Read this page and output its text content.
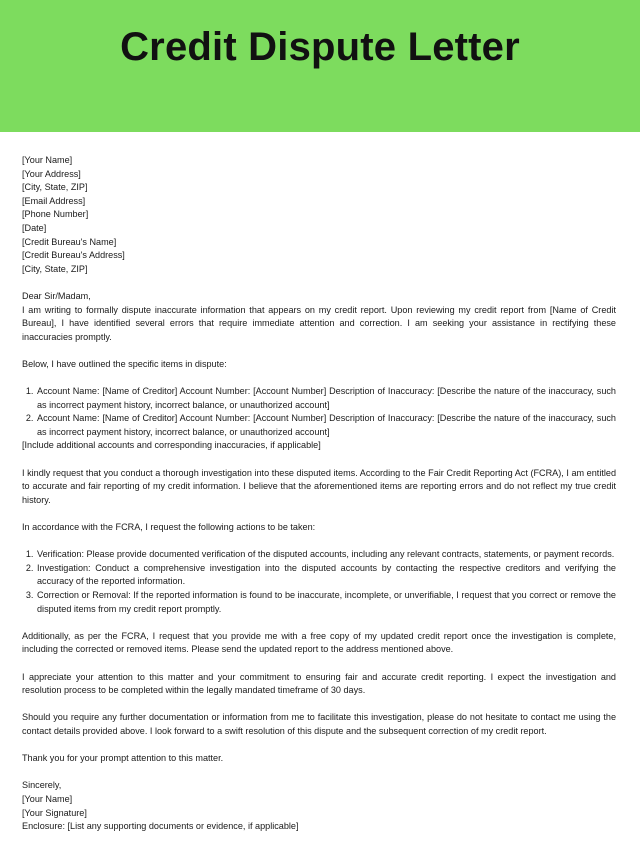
Credit Dispute Letter

[Your Name]

[Your Address]

[City, State, ZIP]

[Email Address]

[Phone Number]

[Date]

[Credit Bureau's Name]

[Credit Bureau's Address]

[City, State, ZIP]

Dear Sir/Madam,

I am writing to formally dispute inaccurate information that appears on my credit report. Upon reviewing my credit report from [Name of Credit Bureau], I have identified several errors that require immediate attention and correction. I am seeking your assistance in rectifying these inaccuracies promptly.

Below, I have outlined the specific items in dispute:

1. Account Name: [Name of Creditor] Account Number: [Account Number] Description of Inaccuracy: [Describe the nature of the inaccuracy, such as incorrect payment history, incorrect balance, or unauthorized account]
2. Account Name: [Name of Creditor] Account Number: [Account Number] Description of Inaccuracy: [Describe the nature of the inaccuracy, such as incorrect payment history, incorrect balance, or unauthorized account]

[Include additional accounts and corresponding inaccuracies, if applicable]

I kindly request that you conduct a thorough investigation into these disputed items. According to the Fair Credit Reporting Act (FCRA), I am entitled to accurate and fair reporting of my credit information. I believe that the aforementioned items are reporting errors and do not reflect my true credit history.

In accordance with the FCRA, I request the following actions to be taken:

1. Verification: Please provide documented verification of the disputed accounts, including any relevant contracts, statements, or payment records.
2. Investigation: Conduct a comprehensive investigation into the disputed accounts by contacting the respective creditors and verifying the accuracy of the reported information.
3. Correction or Removal: If the reported information is found to be inaccurate, incomplete, or unverifiable, I request that you correct or remove the disputed items from my credit report promptly.

Additionally, as per the FCRA, I request that you provide me with a free copy of my updated credit report once the investigation is complete, including the corrected or removed items. Please send the updated report to the address mentioned above.

I appreciate your attention to this matter and your commitment to ensuring fair and accurate credit reporting. I expect the investigation and resolution process to be completed within the legally mandated timeframe of 30 days.

Should you require any further documentation or information from me to facilitate this investigation, please do not hesitate to contact me using the contact details provided above. I look forward to a swift resolution of this dispute and the subsequent correction of my credit report.

Thank you for your prompt attention to this matter.

Sincerely,

[Your Name]

[Your Signature]

Enclosure: [List any supporting documents or evidence, if applicable]
